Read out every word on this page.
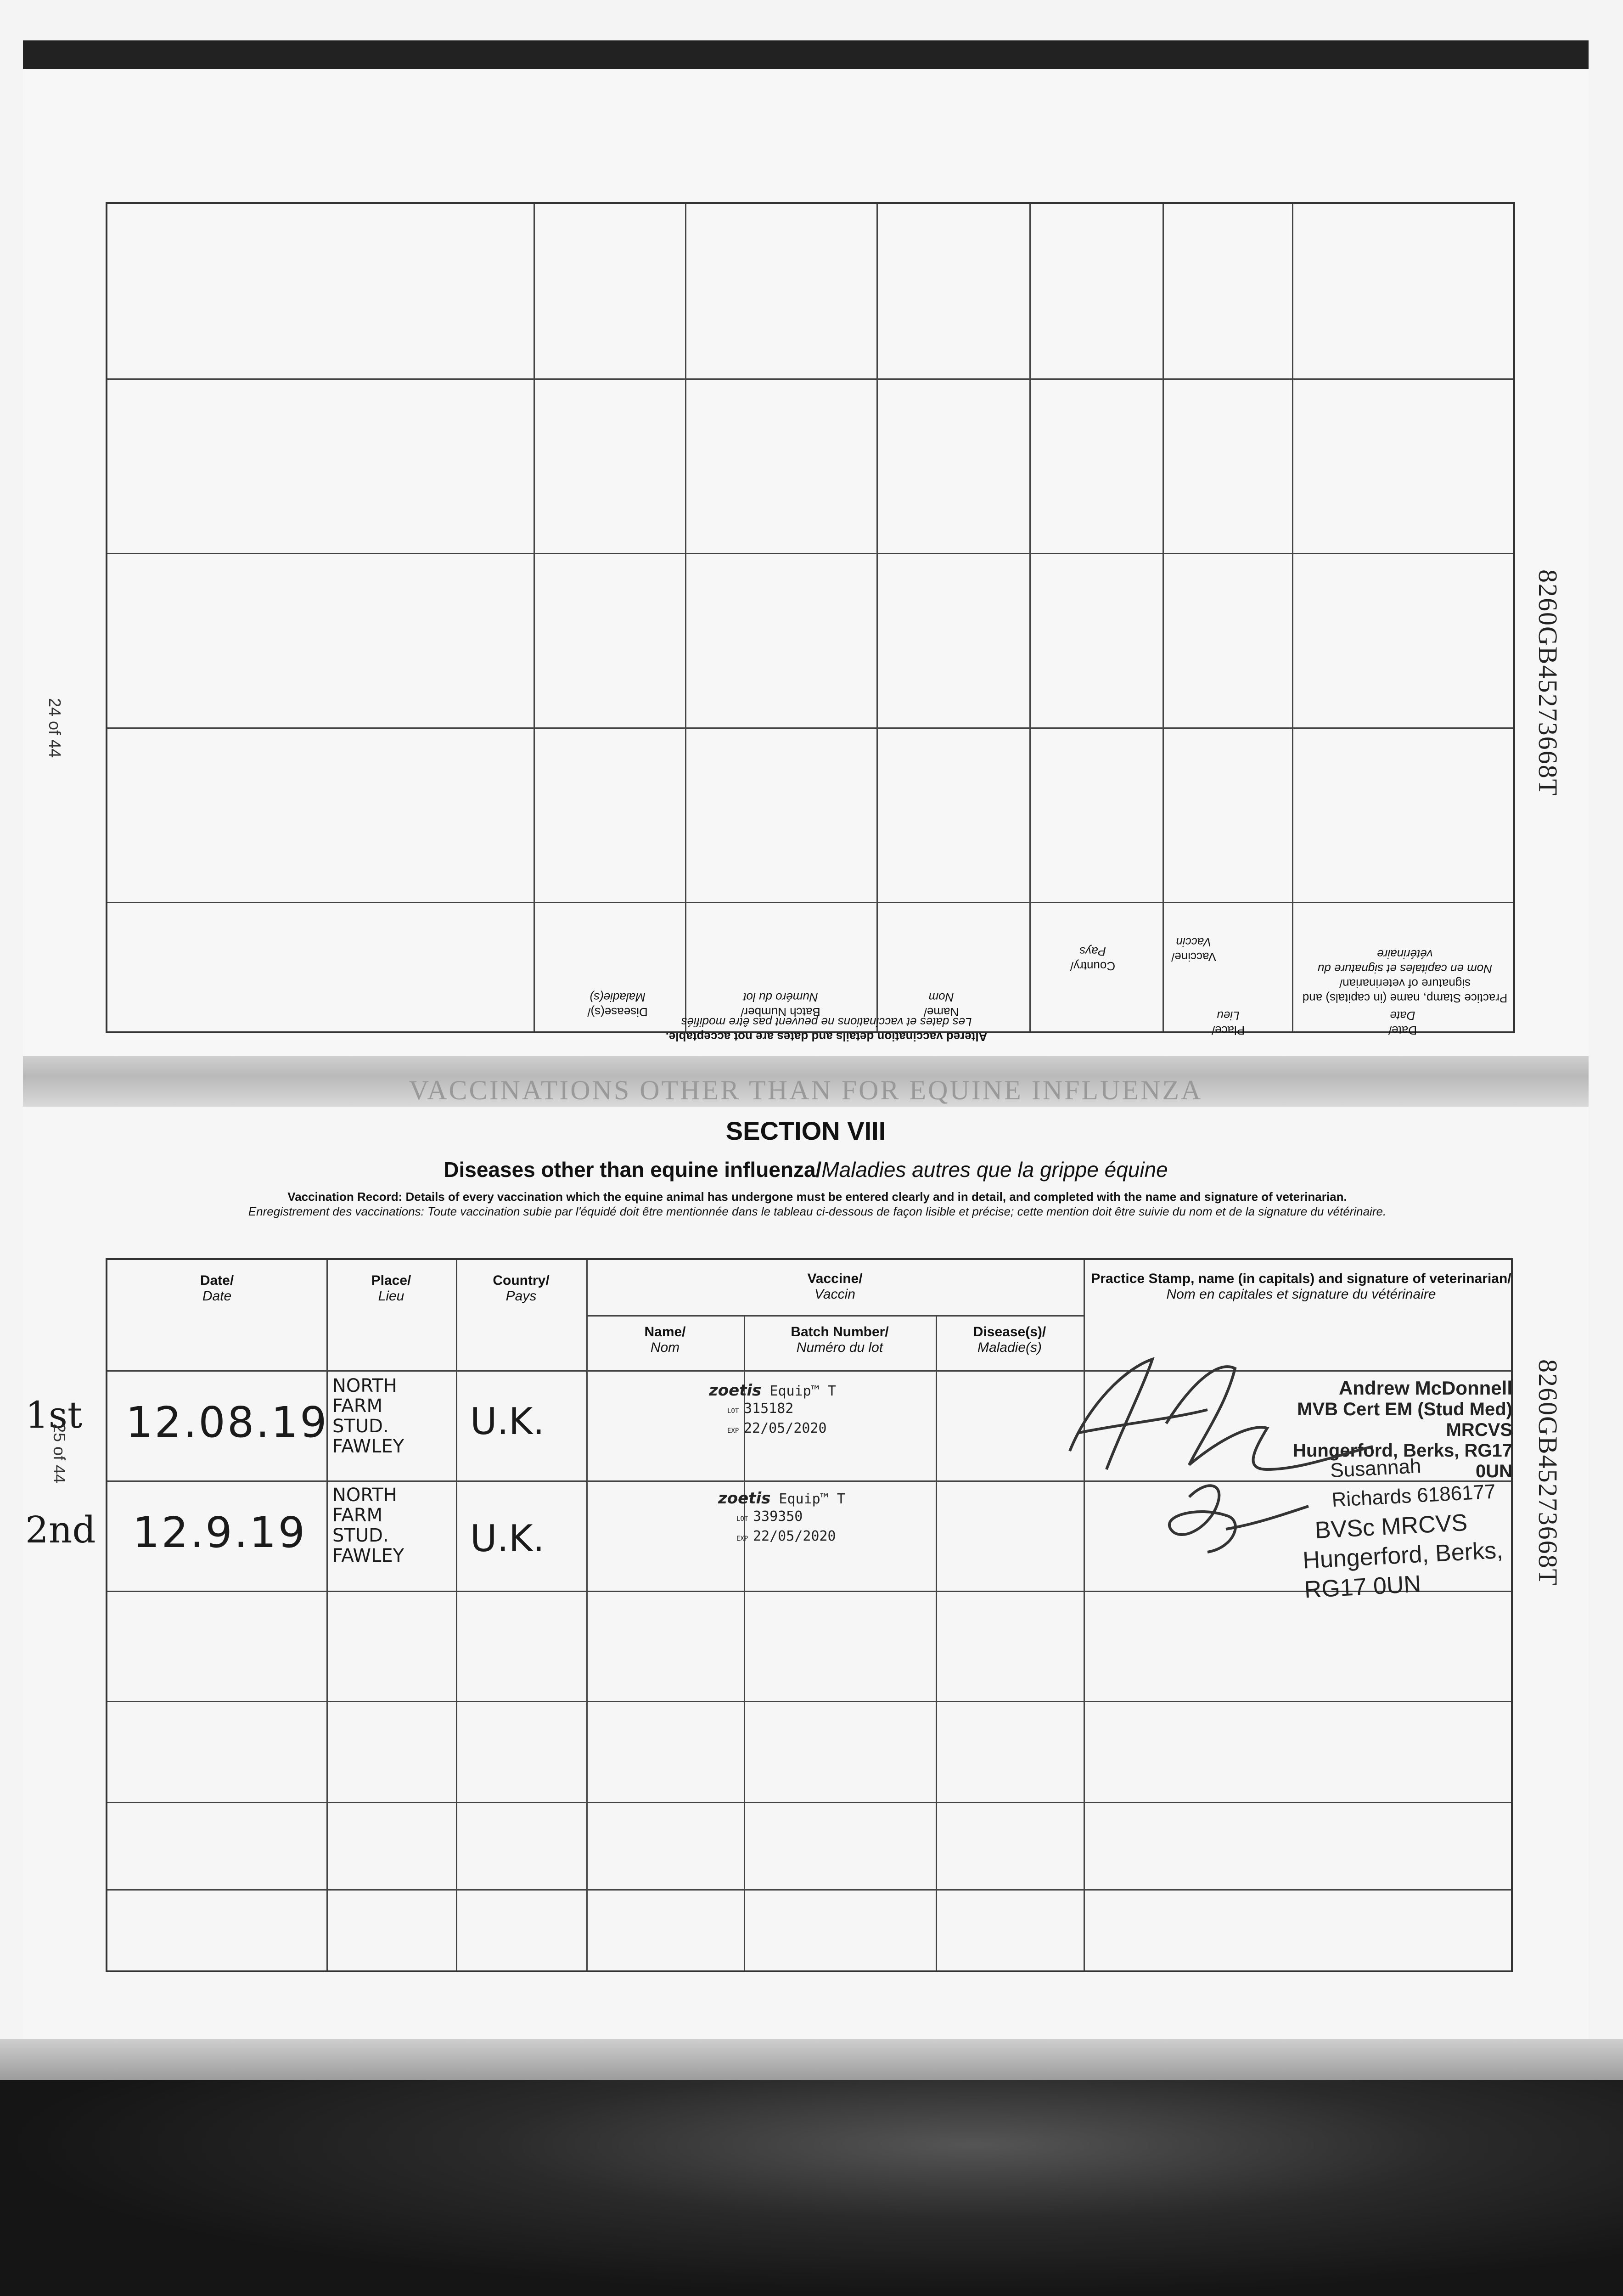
Practice Stamp, name (in capitals) and signature of veterinarian/
Nom en capitales et signature du vétérinaire
Vaccine/
Vaccin
Disease(s)/
Maladie(s)
Batch Number/
Numéro du lot
Name/
Nom
Country/
Pays
Place/
Lieu
Date/
Date
Altered vaccination details and dates are not acceptable.
Les dates et vaccinations ne peuvent pas être modifiés
VACCINATIONS OTHER THAN FOR EQUINE INFLUENZA
24 of 44	8260GB45273668T
SECTION VIII
Diseases other than equine influenza/Maladies autres que la grippe équine
Vaccination Record: Details of every vaccination which the equine animal has undergone must be entered clearly and in detail, and completed with the name and signature of veterinarian.
Enregistrement des vaccinations: Toute vaccination subie par l'équidé doit être mentionnée dans le tableau ci-dessous de façon lisible et précise; cette mention doit être suivie du nom et de la signature du vétérinaire.
Date/
Date
Place/
Lieu
Country/
Pays
Vaccine/
Vaccin
Name/
Nom
Batch Number/
Numéro du lot
Disease(s)/
Maladie(s)
Practice Stamp, name (in capitals) and signature of veterinarian/
Nom en capitales et signature du vétérinaire
12.08.19
NORTH
FARM
STUD.
FAWLEY
U.K.
zoetis Equip™ T
LOT 315182
EXP 22/05/2020
Andrew McDonnell
MVB Cert EM (Stud Med) MRCVS
Hungerford, Berks, RG17 0UN
12.9.19
NORTH
FARM
STUD.
FAWLEY U.K.
zoetis Equip™ T
LOT 339350
EXP 22/05/2020
Susannah Richards 6186177
BVSc MRCVS
Hungerford, Berks, RG17 0UN
1st
2nd
25 of 44	8260GB45273668T
